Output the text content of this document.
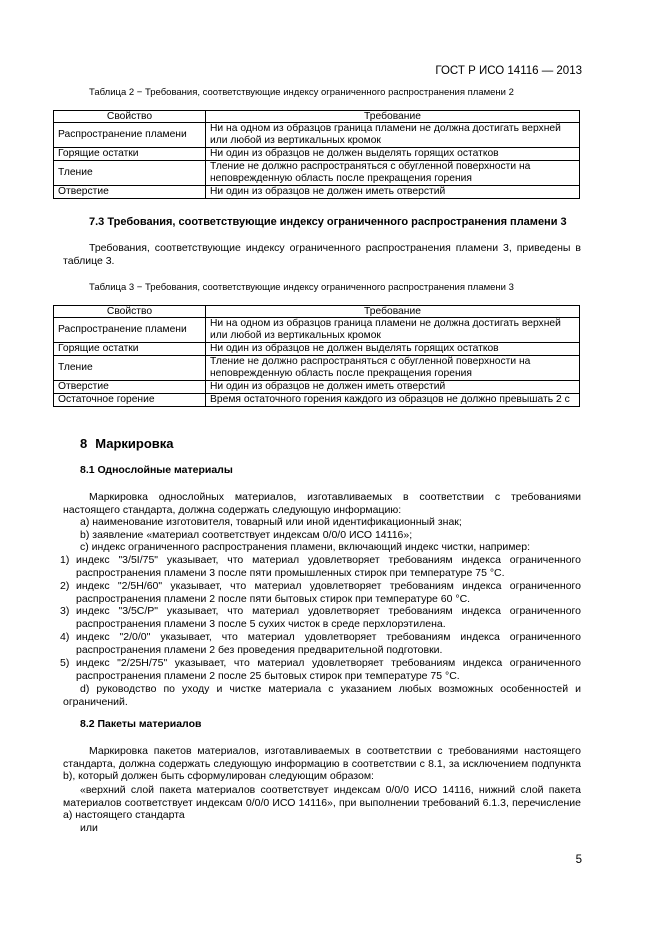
ГОСТ Р ИСО 14116 — 2013
Таблица 2 − Требования, соответствующие индексу ограниченного распространения пламени 2
Свойство	Требование
Распространение пламени	Ни на одном из образцов граница пламени не должна достигать верхней или любой из вертикальных кромок
Горящие остатки	Ни один из образцов не должен выделять горящих остатков
Тление	Тление не должно распространяться с обугленной поверхности на неповрежденную область после прекращения горения
Отверстие	Ни один из образцов не должен иметь отверстий
7.3 Требования, соответствующие индексу ограниченного распространения пламени 3
Требования, соответствующие индексу ограниченного распространения пламени 3, приведены в таблице 3.
Таблица 3 − Требования, соответствующие индексу ограниченного распространения пламени 3
Свойство	Требование
Распространение пламени	Ни на одном из образцов граница пламени не должна достигать верхней или любой из вертикальных кромок
Горящие остатки	Ни один из образцов не должен выделять горящих остатков
Тление	Тление не должно распространяться с обугленной поверхности на неповрежденную область после прекращения горения
Отверстие	Ни один из образцов не должен иметь отверстий
Остаточное горение	Время остаточного горения каждого из образцов не должно превышать 2 с
8 Маркировка
8.1 Однослойные материалы
Маркировка однослойных материалов, изготавливаемых в соответствии с требованиями настоящего стандарта, должна содержать следующую информацию:
a) наименование изготовителя, товарный или иной идентификационный знак;
b) заявление «материал соответствует индексам 0/0/0 ИСО 14116»;
c) индекс ограниченного распространения пламени, включающий индекс чистки, например:
1) индекс "3/5I/75" указывает, что материал удовлетворяет требованиям индекса ограниченного распространения пламени 3 после пяти промышленных стирок при температуре 75 °С.
2) индекс "2/5H/60" указывает, что материал удовлетворяет требованиям индекса ограниченного распространения пламени 2 после пяти бытовых стирок при температуре 60 °С.
3) индекс "3/5C/P" указывает, что материал удовлетворяет требованиям индекса ограниченного распространения пламени 3 после 5 сухих чисток в среде перхлорэтилена.
4) индекс "2/0/0" указывает, что материал удовлетворяет требованиям индекса ограниченного распространения пламени 2 без проведения предварительной подготовки.
5) индекс "2/25H/75" указывает, что материал удовлетворяет требованиям индекса ограниченного распространения пламени 2 после 25 бытовых стирок при температуре 75 °С.
d) руководство по уходу и чистке материала с указанием любых возможных особенностей и ограничений.
8.2 Пакеты материалов
Маркировка пакетов материалов, изготавливаемых в соответствии с требованиями настоящего стандарта, должна содержать следующую информацию в соответствии с 8.1, за исключением подпункта b), который должен быть сформулирован следующим образом:
«верхний слой пакета материалов соответствует индексам 0/0/0 ИСО 14116, нижний слой пакета материалов соответствует индексам 0/0/0 ИСО 14116», при выполнении требований 6.1.3, перечисление а) настоящего стандарта
или
5
